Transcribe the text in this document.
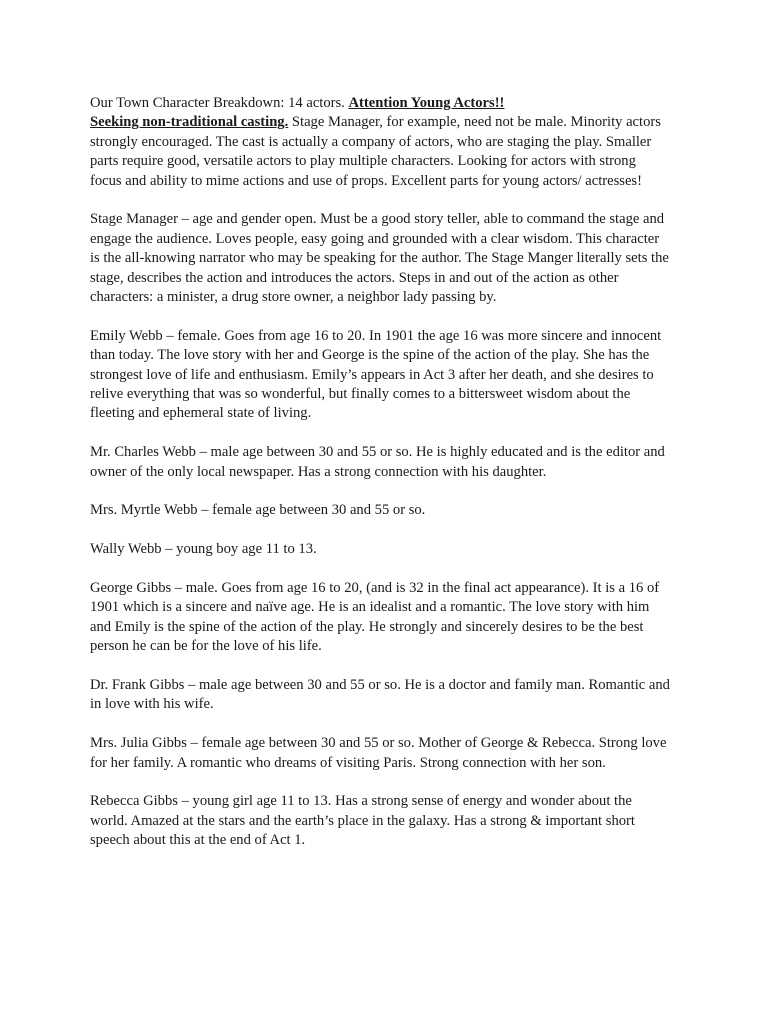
Our Town Character Breakdown: 14 actors. Attention Young Actors!!
Seeking non-traditional casting. Stage Manager, for example, need not be male. Minority actors strongly encouraged. The cast is actually a company of actors, who are staging the play. Smaller parts require good, versatile actors to play multiple characters. Looking for actors with strong focus and ability to mime actions and use of props. Excellent parts for young actors/ actresses!

Stage Manager – age and gender open. Must be a good story teller, able to command the stage and engage the audience. Loves people, easy going and grounded with a clear wisdom. This character is the all-knowing narrator who may be speaking for the author. The Stage Manger literally sets the stage, describes the action and introduces the actors. Steps in and out of the action as other characters: a minister, a drug store owner, a neighbor lady passing by.

Emily Webb – female. Goes from age 16 to 20. In 1901 the age 16 was more sincere and innocent than today. The love story with her and George is the spine of the action of the play. She has the strongest love of life and enthusiasm. Emily’s appears in Act 3 after her death, and she desires to relive everything that was so wonderful, but finally comes to a bittersweet wisdom about the fleeting and ephemeral state of living.

Mr. Charles Webb – male age between 30 and 55 or so. He is highly educated and is the editor and owner of the only local newspaper. Has a strong connection with his daughter.

Mrs. Myrtle Webb – female age between 30 and 55 or so.

Wally Webb – young boy age 11 to 13.

George Gibbs – male. Goes from age 16 to 20, (and is 32 in the final act appearance). It is a 16 of 1901 which is a sincere and naïve age. He is an idealist and a romantic. The love story with him and Emily is the spine of the action of the play. He strongly and sincerely desires to be the best person he can be for the love of his life.

Dr. Frank Gibbs – male age between 30 and 55 or so. He is a doctor and family man. Romantic and in love with his wife.

Mrs. Julia Gibbs – female age between 30 and 55 or so. Mother of George & Rebecca. Strong love for her family. A romantic who dreams of visiting Paris. Strong connection with her son.

Rebecca Gibbs – young girl age 11 to 13. Has a strong sense of energy and wonder about the world. Amazed at the stars and the earth’s place in the galaxy. Has a strong & important short speech about this at the end of Act 1.
